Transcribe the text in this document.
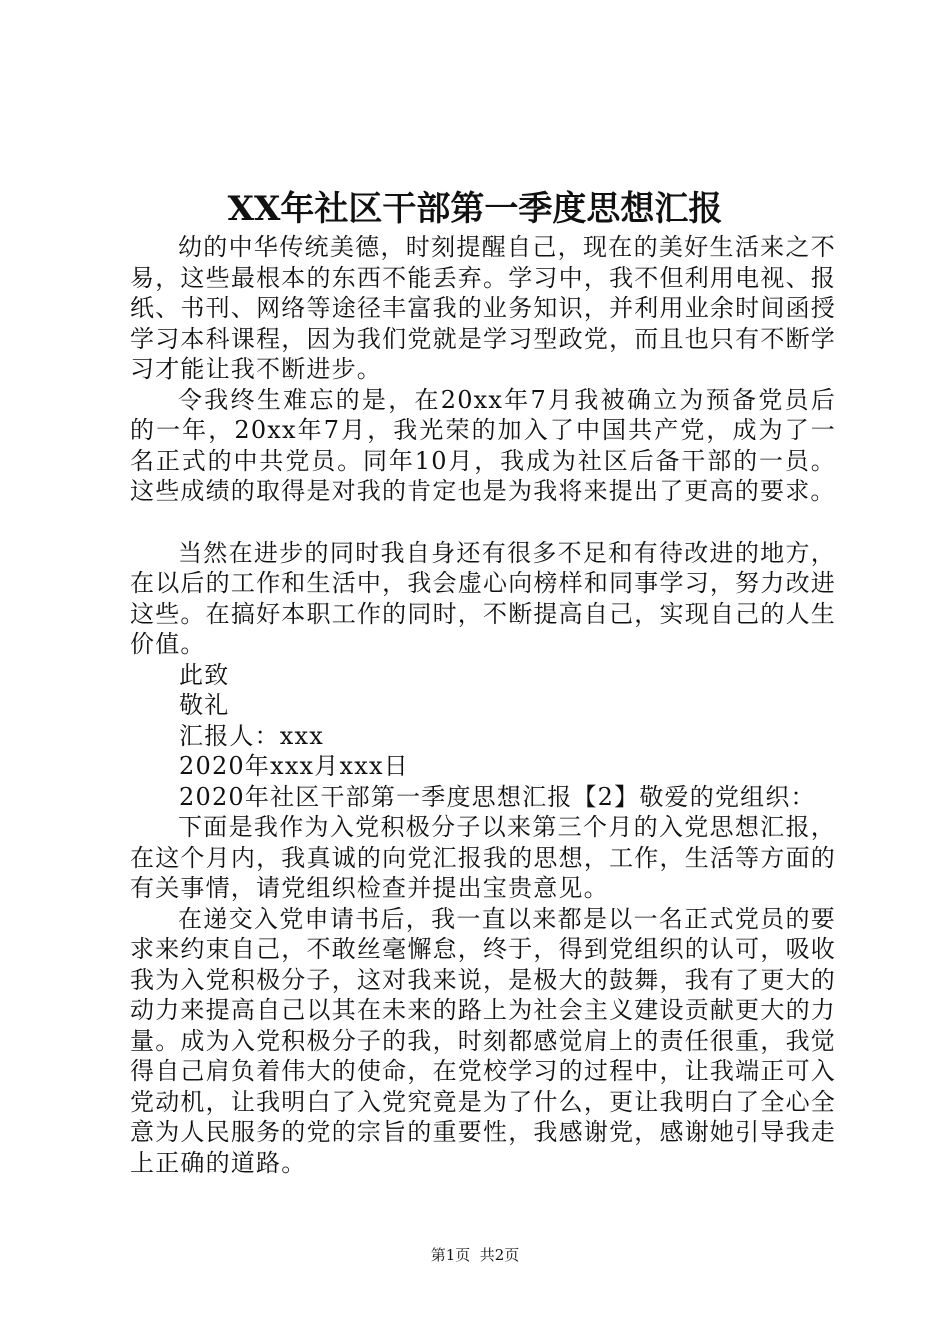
XX年社区干部第一季度思想汇报

幼的中华传统美德，时刻提醒自己，现在的美好生活来之不易，这些最根本的东西不能丢弃。学习中，我不但利用电视、报纸、书刊、网络等途径丰富我的业务知识，并利用业余时间函授学习本科课程，因为我们党就是学习型政党，而且也只有不断学习才能让我不断进步。

令我终生难忘的是，在20xx年7月我被确立为预备党员后的一年，20xx年7月，我光荣的加入了中国共产党，成为了一名正式的中共党员。同年10月，我成为社区后备干部的一员。这些成绩的取得是对我的肯定也是为我将来提出了更高的要求。

当然在进步的同时我自身还有很多不足和有待改进的地方，在以后的工作和生活中，我会虚心向榜样和同事学习，努力改进这些。在搞好本职工作的同时，不断提高自己，实现自己的人生价值。

此致

敬礼

汇报人：xxx

2020年xxx月xxx日

2020年社区干部第一季度思想汇报【2】敬爱的党组织：

下面是我作为入党积极分子以来第三个月的入党思想汇报，在这个月内，我真诚的向党汇报我的思想，工作，生活等方面的有关事情，请党组织检查并提出宝贵意见。

在递交入党申请书后，我一直以来都是以一名正式党员的要求来约束自己，不敢丝毫懈怠，终于，得到党组织的认可，吸收我为入党积极分子，这对我来说，是极大的鼓舞，我有了更大的动力来提高自己以其在未来的路上为社会主义建设贡献更大的力量。成为入党积极分子的我，时刻都感觉肩上的责任很重，我觉得自己肩负着伟大的使命，在党校学习的过程中，让我端正可入党动机，让我明白了入党究竟是为了什么，更让我明白了全心全意为人民服务的党的宗旨的重要性，我感谢党，感谢她引导我走上正确的道路。

第1页  共2页
